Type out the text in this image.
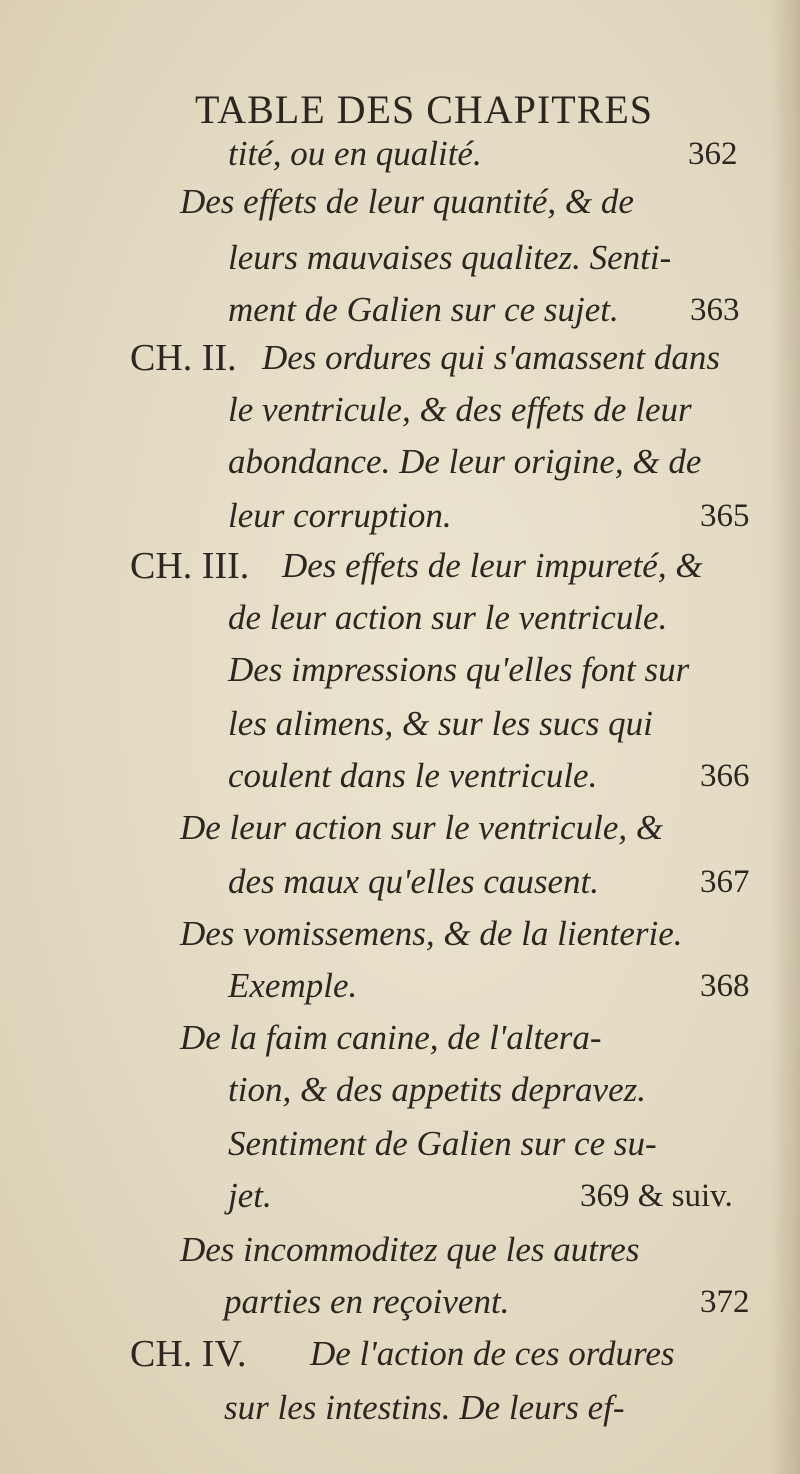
TABLE DES CHAPITRES
tité, ou en qualité.	362
Des effets de leur quantité, & de
leurs mauvaises qualitez. Senti-
ment de Galien sur ce sujet. 363
CH. II. Des ordures qui s'amassent dans
le ventricule, & des effets de leur
abondance. De leur origine, & de
leur corruption.	365
CH. III. Des effets de leur impureté, &
de leur action sur le ventricule.
Des impressions qu'elles font sur
les alimens, & sur les sucs qui
coulent dans le ventricule.	366
De leur action sur le ventricule, &
des maux qu'elles causent.	367
Des vomissemens, & de la lienterie.
Exemple.	368
De la faim canine, de l'altera-
tion, & des appetits depravez.
Sentiment de Galien sur ce su-
jet.	369 & suiv.
Des incommoditez que les autres
parties en reçoivent.	372
CH. IV. De l'action de ces ordures
sur les intestins. De leurs ef-
